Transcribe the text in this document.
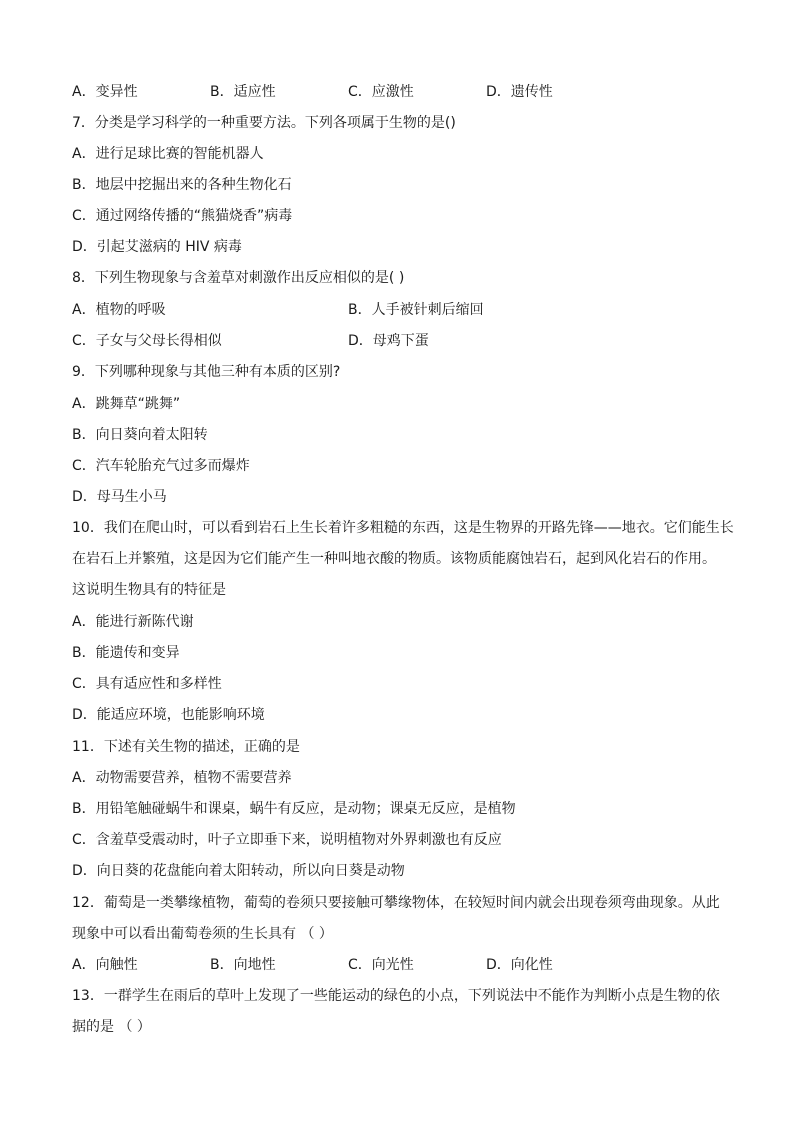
A．变异性	B．适应性	C．应激性	D．遗传性
7．分类是学习科学的一种重要方法。下列各项属于生物的是()
A．进行足球比赛的智能机器人
B．地层中挖掘出来的各种生物化石
C．通过网络传播的“熊猫烧香”病毒
D．引起艾滋病的 HIV 病毒
8．下列生物现象与含羞草对刺激作出反应相似的是( )
A．植物的呼吸	B．人手被针刺后缩回
C．子女与父母长得相似	D．母鸡下蛋
9．下列哪种现象与其他三种有本质的区别?
A．跳舞草“跳舞”
B．向日葵向着太阳转
C．汽车轮胎充气过多而爆炸
D．母马生小马
10．我们在爬山时，可以看到岩石上生长着许多粗糙的东西，这是生物界的开路先锋——地衣。它们能生长
在岩石上并繁殖，这是因为它们能产生一种叫地衣酸的物质。该物质能腐蚀岩石，起到风化岩石的作用。
这说明生物具有的特征是
A．能进行新陈代谢
B．能遗传和变异
C．具有适应性和多样性
D．能适应环境，也能影响环境
11．下述有关生物的描述，正确的是
A．动物需要营养，植物不需要营养
B．用铅笔触碰蜗牛和课桌，蜗牛有反应，是动物；课桌无反应，是植物
C．含羞草受震动时，叶子立即垂下来，说明植物对外界刺激也有反应
D．向日葵的花盘能向着太阳转动，所以向日葵是动物
12．葡萄是一类攀缘植物，葡萄的卷须只要接触可攀缘物体，在较短时间内就会出现卷须弯曲现象。从此
现象中可以看出葡萄卷须的生长具有 （ ）
A．向触性	B．向地性	C．向光性	D．向化性
13．一群学生在雨后的草叶上发现了一些能运动的绿色的小点，下列说法中不能作为判断小点是生物的依
据的是 （ ）
